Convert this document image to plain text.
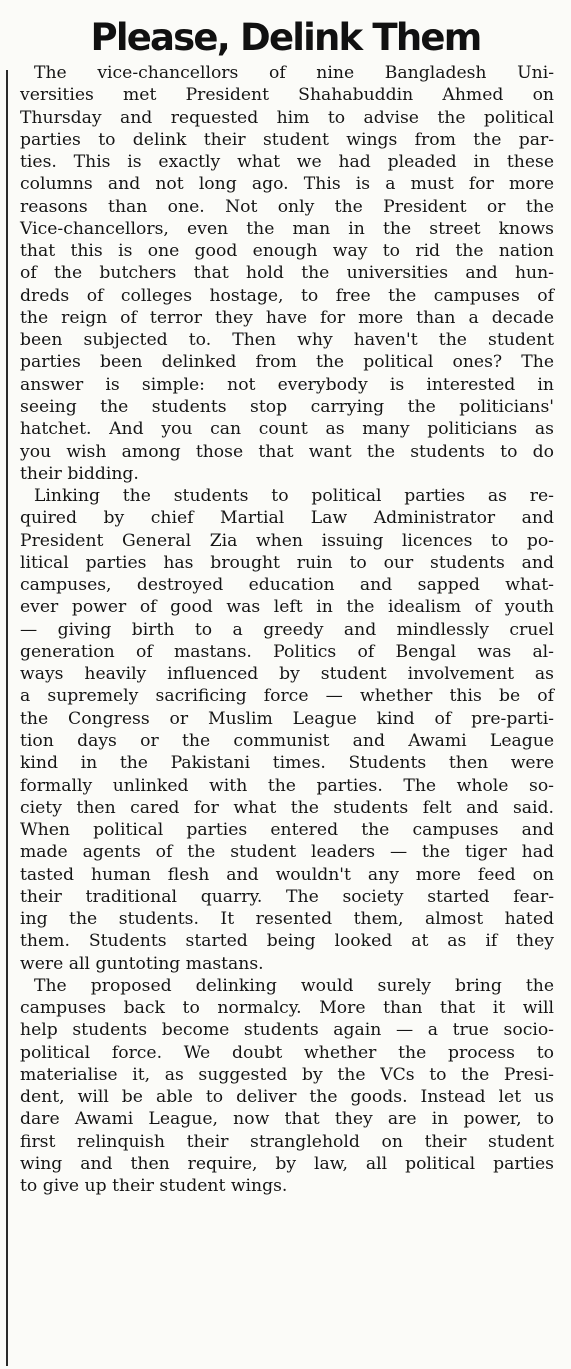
Please, Delink Them
The vice-chancellors of nine Bangladesh Uni-
versities met President Shahabuddin Ahmed on
Thursday and requested him to advise the political
parties to delink their student wings from the par-
ties. This is exactly what we had pleaded in these
columns and not long ago. This is a must for more
reasons than one. Not only the President or the
Vice-chancellors, even the man in the street knows
that this is one good enough way to rid the nation
of the butchers that hold the universities and hun-
dreds of colleges hostage, to free the campuses of
the reign of terror they have for more than a decade
been subjected to. Then why haven't the student
parties been delinked from the political ones? The
answer is simple: not everybody is interested in
seeing the students stop carrying the politicians'
hatchet. And you can count as many politicians as
you wish among those that want the students to do
their bidding.
Linking the students to political parties as re-
quired by chief Martial Law Administrator and
President General Zia when issuing licences to po-
litical parties has brought ruin to our students and
campuses, destroyed education and sapped what-
ever power of good was left in the idealism of youth
— giving birth to a greedy and mindlessly cruel
generation of mastans. Politics of Bengal was al-
ways heavily influenced by student involvement as
a supremely sacrificing force — whether this be of
the Congress or Muslim League kind of pre-parti-
tion days or the communist and Awami League
kind in the Pakistani times. Students then were
formally unlinked with the parties. The whole so-
ciety then cared for what the students felt and said.
When political parties entered the campuses and
made agents of the student leaders — the tiger had
tasted human flesh and wouldn't any more feed on
their traditional quarry. The society started fear-
ing the students. It resented them, almost hated
them. Students started being looked at as if they
were all guntoting mastans.
The proposed delinking would surely bring the
campuses back to normalcy. More than that it will
help students become students again — a true socio-
political force. We doubt whether the process to
materialise it, as suggested by the VCs to the Presi-
dent, will be able to deliver the goods. Instead let us
dare Awami League, now that they are in power, to
first relinquish their stranglehold on their student
wing and then require, by law, all political parties
to give up their student wings.
